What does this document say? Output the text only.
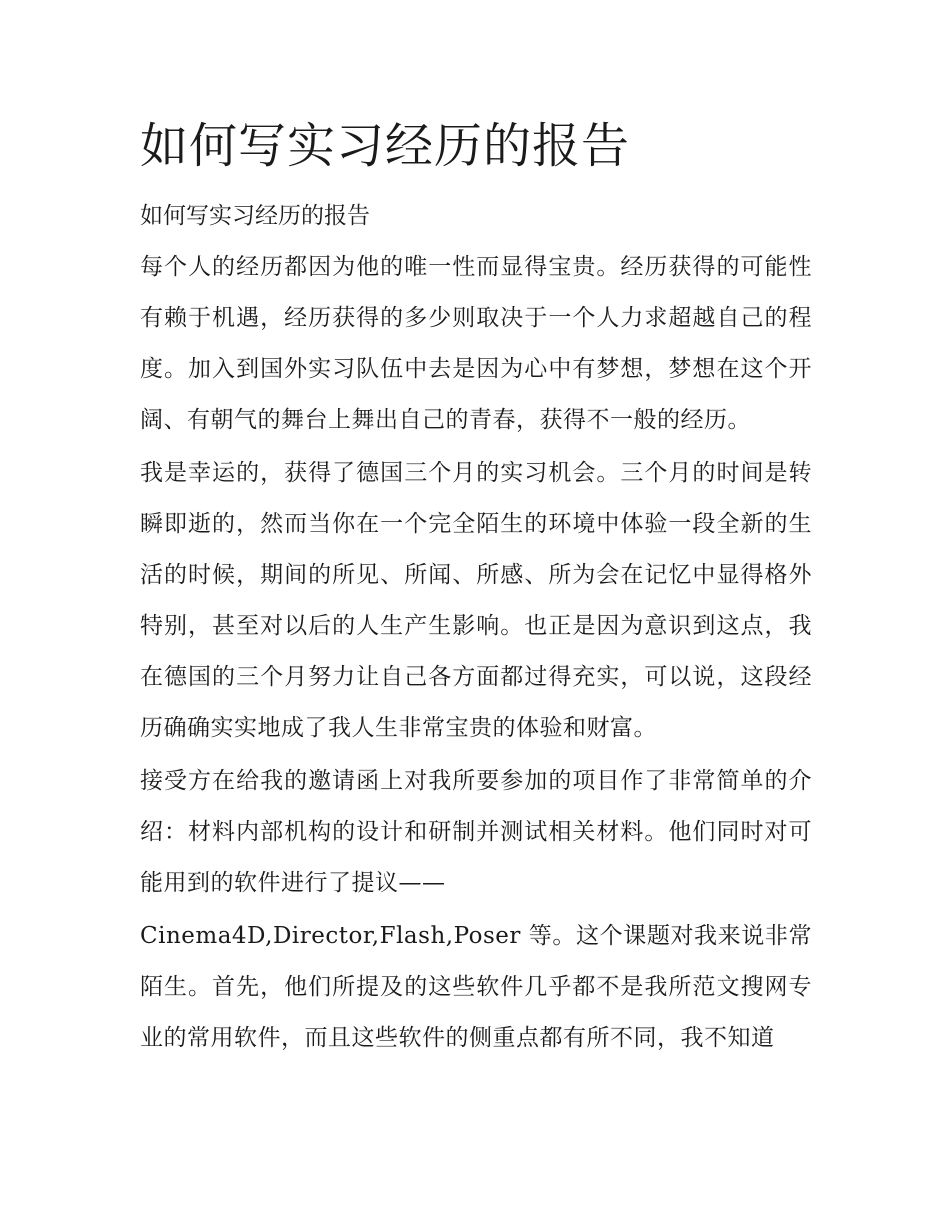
如何写实习经历的报告

如何写实习经历的报告

每个人的经历都因为他的唯一性而显得宝贵。经历获得的可能性有赖于机遇，经历获得的多少则取决于一个人力求超越自己的程度。加入到国外实习队伍中去是因为心中有梦想，梦想在这个开阔、有朝气的舞台上舞出自己的青春，获得不一般的经历。

我是幸运的，获得了德国三个月的实习机会。三个月的时间是转瞬即逝的，然而当你在一个完全陌生的环境中体验一段全新的生活的时候，期间的所见、所闻、所感、所为会在记忆中显得格外特别，甚至对以后的人生产生影响。也正是因为意识到这点，我在德国的三个月努力让自己各方面都过得充实，可以说，这段经历确确实实地成了我人生非常宝贵的体验和财富。

接受方在给我的邀请函上对我所要参加的项目作了非常简单的介绍：材料内部机构的设计和研制并测试相关材料。他们同时对可能用到的软件进行了提议——

Cinema4D,Director,Flash,Poser 等。这个课题对我来说非常陌生。首先，他们所提及的这些软件几乎都不是我所范文搜网专业的常用软件，而且这些软件的侧重点都有所不同，我不知道
